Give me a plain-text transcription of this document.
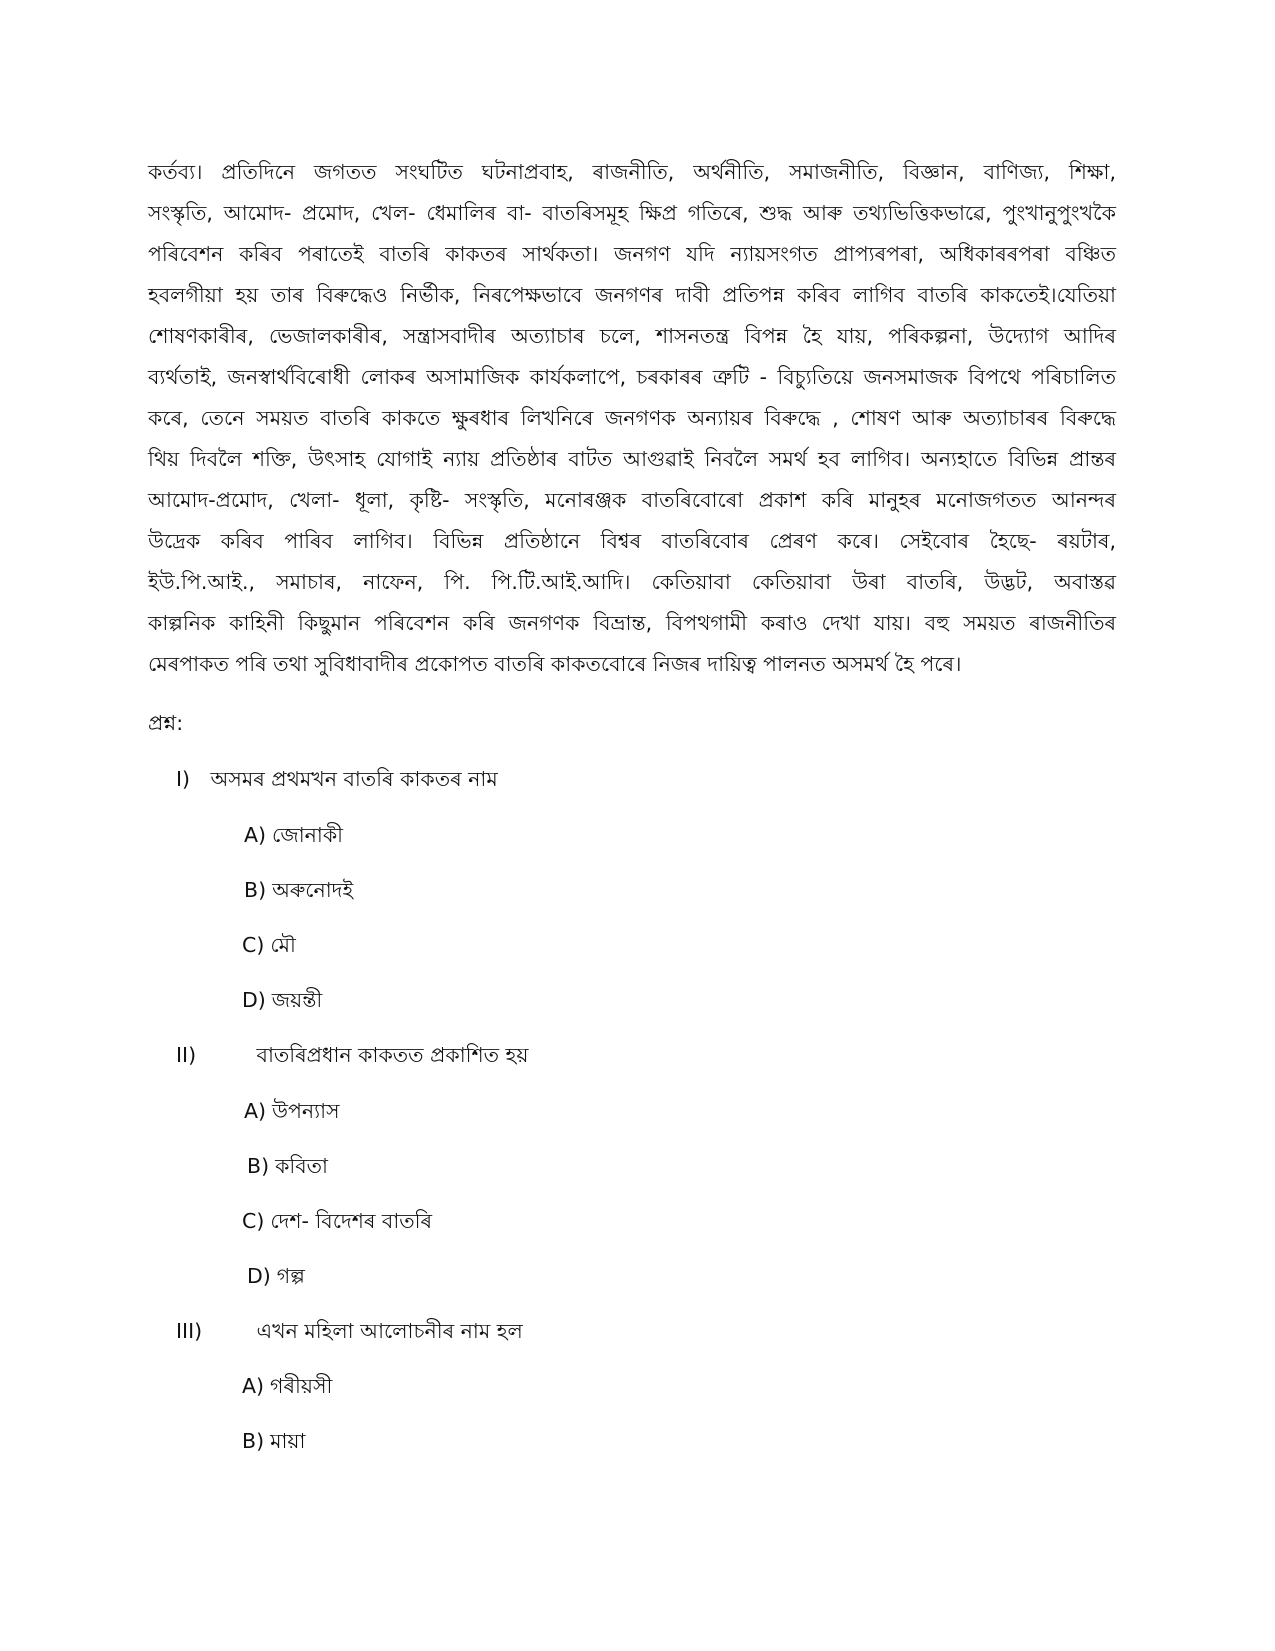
কৰ্তব্য। প্ৰতিদিনে জগতত সংঘটিত ঘটনাপ্ৰবাহ, ৰাজনীতি, অৰ্থনীতি, সমাজনীতি, বিজ্ঞান, বাণিজ্য, শিক্ষা,
সংস্কৃতি, আমোদ- প্ৰমোদ, খেল- ধেমালিৰ বা- বাতৰিসমূহ ক্ষিপ্ৰ গতিৰে, শুদ্ধ আৰু তথ্যভিত্তিকভাৱে, পুংখানুপুংখকৈ
পৰিবেশন কৰিব পৰাতেই বাতৰি কাকতৰ সাৰ্থকতা। জনগণ যদি ন্যায়সংগত প্ৰাপ্যৰপৰা, অধিকাৰৰপৰা বঞ্চিত
হবলগীয়া হয় তাৰ বিৰুদ্ধেও নিৰ্ভীক, নিৰপেক্ষভাবে জনগণৰ দাবী প্ৰতিপন্ন কৰিব লাগিব বাতৰি কাকতেই।যেতিয়া
শোষণকাৰীৰ, ভেজালকাৰীৰ, সন্ত্ৰাসবাদীৰ অত্যাচাৰ চলে, শাসনতন্ত্ৰ বিপন্ন হৈ যায়, পৰিকল্পনা, উদ্যোগ আদিৰ
ব্যৰ্থতাই, জনস্বাৰ্থবিৰোধী লোকৰ অসামাজিক কাৰ্যকলাপে, চৰকাৰৰ ত্ৰুটি - বিচ্যুতিয়ে জনসমাজক বিপথে পৰিচালিত
কৰে, তেনে সময়ত বাতৰি কাকতে ক্ষুৰধাৰ লিখনিৰে জনগণক অন্যায়ৰ বিৰুদ্ধে , শোষণ আৰু অত্যাচাৰৰ বিৰুদ্ধে
থিয় দিবলৈ শক্তি, উৎসাহ যোগাই ন্যায় প্ৰতিষ্ঠাৰ বাটত আগুৱাই নিবলৈ সমৰ্থ হব লাগিব। অন্যহাতে বিভিন্ন প্ৰান্তৰ
আমোদ-প্ৰমোদ, খেলা- ধূলা, কৃষ্টি- সংস্কৃতি, মনোৰঞ্জক বাতৰিবোৰো প্ৰকাশ কৰি মানুহৰ মনোজগতত আনন্দৰ
উদ্ৰেক কৰিব পাৰিব লাগিব। বিভিন্ন প্ৰতিষ্ঠানে বিশ্বৰ বাতৰিবোৰ প্ৰেৰণ কৰে। সেইবোৰ হৈছে- ৰয়টাৰ,
ইউ.পি.আই., সমাচাৰ, নাফেন, পি. পি.টি.আই.আদি। কেতিয়াবা কেতিয়াবা উৰা বাতৰি, উদ্ভট, অবাস্তৱ
কাল্পনিক কাহিনী কিছুমান পৰিবেশন কৰি জনগণক বিভ্ৰান্ত, বিপথগামী কৰাও দেখা যায়। বহু সময়ত ৰাজনীতিৰ
মেৰপাকত পৰি তথা সুবিধাবাদীৰ প্ৰকোপত বাতৰি কাকতবোৰে নিজৰ দায়িত্ব পালনত অসমৰ্থ হৈ পৰে।
প্ৰশ্ন:
I) অসমৰ প্ৰথমখন বাতৰি কাকতৰ নাম
A) জোনাকী
B) অৰুনোদই
C) মৌ
D) জয়ন্তী
II)	বাতৰিপ্ৰধান কাকতত প্ৰকাশিত হয়
A) উপন্যাস
B) কবিতা
C) দেশ- বিদেশৰ বাতৰি
D) গল্প
III)	এখন মহিলা আলোচনীৰ নাম হল
A) গৰীয়সী
B) মায়া
